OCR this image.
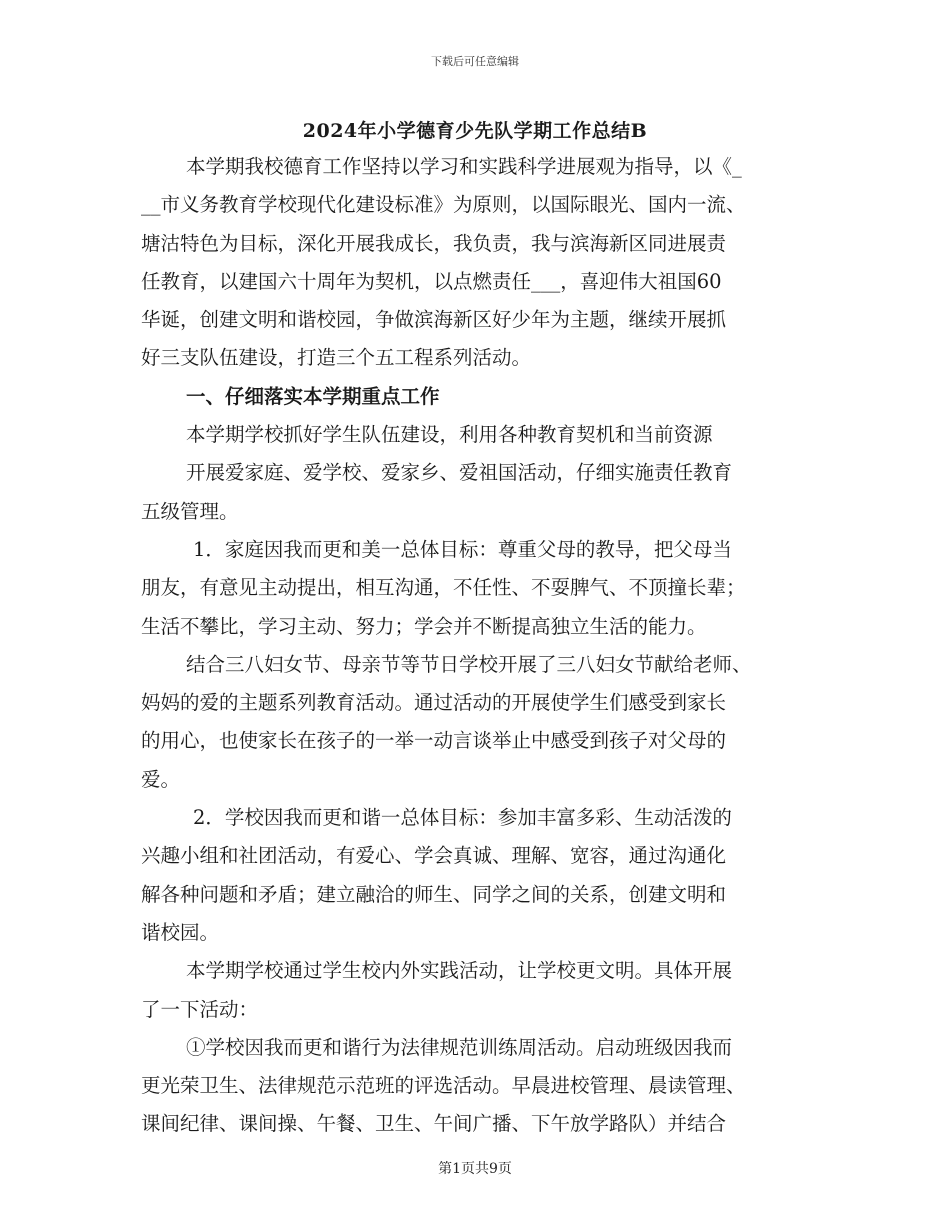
下载后可任意编辑
2024年小学德育少先队学期工作总结B
本学期我校德育工作坚持以学习和实践科学进展观为指导，以《_
__市义务教育学校现代化建设标准》为原则，以国际眼光、国内一流、
塘沽特色为目标，深化开展我成长，我负责，我与滨海新区同进展责
任教育，以建国六十周年为契机，以点燃责任___，喜迎伟大祖国60
华诞，创建文明和谐校园，争做滨海新区好少年为主题，继续开展抓
好三支队伍建设，打造三个五工程系列活动。
一、仔细落实本学期重点工作
本学期学校抓好学生队伍建设，利用各种教育契机和当前资源
开展爱家庭、爱学校、爱家乡、爱祖国活动，仔细实施责任教育
五级管理。
1．家庭因我而更和美一总体目标：尊重父母的教导，把父母当
朋友，有意见主动提出，相互沟通，不任性、不耍脾气、不顶撞长辈；
生活不攀比，学习主动、努力；学会并不断提高独立生活的能力。
结合三八妇女节、母亲节等节日学校开展了三八妇女节献给老师、
妈妈的爱的主题系列教育活动。通过活动的开展使学生们感受到家长
的用心，也使家长在孩子的一举一动言谈举止中感受到孩子对父母的
爱。
2．学校因我而更和谐一总体目标：参加丰富多彩、生动活泼的
兴趣小组和社团活动，有爱心、学会真诚、理解、宽容，通过沟通化
解各种问题和矛盾；建立融洽的师生、同学之间的关系，创建文明和
谐校园。
本学期学校通过学生校内外实践活动，让学校更文明。具体开展
了一下活动：
①学校因我而更和谐行为法律规范训练周活动。启动班级因我而
更光荣卫生、法律规范示范班的评选活动。早晨进校管理、晨读管理、
课间纪律、课间操、午餐、卫生、午间广播、下午放学路队）并结合
第1页共9页
